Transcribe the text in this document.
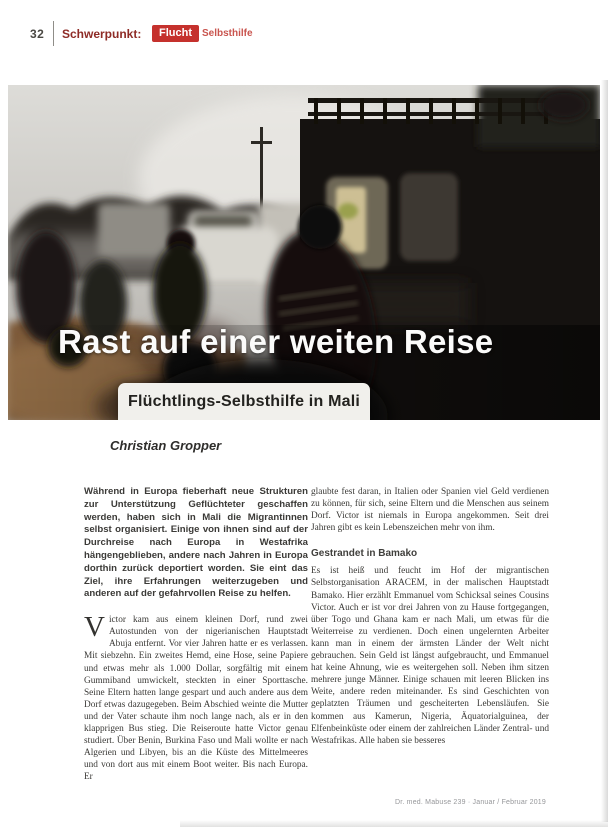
32 Schwerpunkt:	Flucht	Selbsthilfe
Rast auf einer weiten Reise
Flüchtlings-Selbsthilfe in Mali
Christian Gropper

Während in Europa fieberhaft neue Strukturen zur Unterstützung Geflüchteter geschaffen werden, haben sich in Mali die Migrantinnen selbst organisiert. Einige von ihnen sind auf der Durchreise nach Europa in Westafrika hängengeblieben, andere nach Jahren in Europa dorthin zurück deportiert worden. Sie eint das Ziel, ihre Erfahrungen weiterzugeben und anderen auf der gefahrvollen Reise zu helfen.

Victor kam aus einem kleinen Dorf, rund zwei Autostunden von der nigerianischen Hauptstadt Abuja entfernt. Vor vier Jahren hatte er es verlassen. Mit siebzehn. Ein zweites Hemd, eine Hose, seine Papiere und etwas mehr als 1.000 Dollar, sorgfältig mit einem Gummiband umwickelt, steckten in einer Sporttasche. Seine Eltern hatten lange gespart und auch andere aus dem Dorf etwas dazugegeben. Beim Abschied weinte die Mutter und der Vater schaute ihm noch lange nach, als er in den klapprigen Bus stieg. Die Reiseroute hatte Victor genau studiert. Über Benin, Burkina Faso und Mali wollte er nach Algerien und Libyen, bis an die Küste des Mittelmeeres und von dort aus mit einem Boot weiter. Bis nach Europa. Er

glaubte fest daran, in Italien oder Spanien viel Geld verdienen zu können, für sich, seine Eltern und die Menschen aus seinem Dorf. Victor ist niemals in Europa angekommen. Seit drei Jahren gibt es kein Lebenszeichen mehr von ihm.

Gestrandet in Bamako

Es ist heiß und feucht im Hof der migrantischen Selbstorganisation ARACEM, in der malischen Hauptstadt Bamako. Hier erzählt Emmanuel vom Schicksal seines Cousins Victor. Auch er ist vor drei Jahren von zu Hause fortgegangen, über Togo und Ghana kam er nach Mali, um etwas für die Weiterreise zu verdienen. Doch einen ungelernten Arbeiter kann man in einem der ärmsten Länder der Welt nicht gebrauchen. Sein Geld ist längst aufgebraucht, und Emmanuel hat keine Ahnung, wie es weitergehen soll. Neben ihm sitzen mehrere junge Männer. Einige schauen mit leeren Blicken ins Weite, andere reden miteinander. Es sind Geschichten von geplatzten Träumen und gescheiterten Lebensläufen. Sie kommen aus Kamerun, Nigeria, Äquatorialguinea, der Elfenbeinküste oder einem der zahlreichen Länder Zentral- und Westafrikas. Alle haben sie besseres

Dr. med. Mabuse 239 · Januar / Februar 2019
